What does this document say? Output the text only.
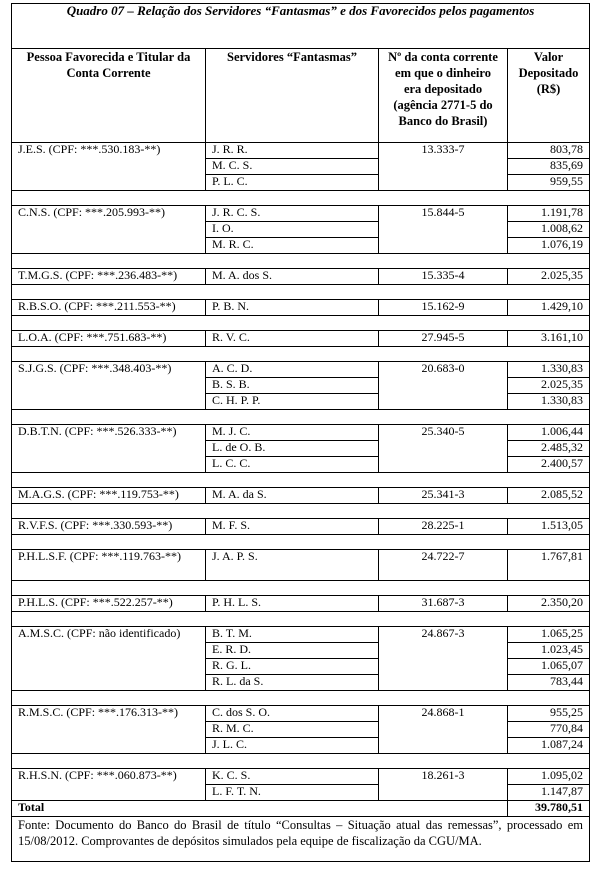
Quadro 07 – Relação dos Servidores “Fantasmas” e dos Favorecidos pelos pagamentos			
Pessoa Favorecida e Titular da Conta Corrente	Servidores “Fantasmas”	Nº da conta corrente em que o dinheiro era depositado (agência 2771-5 do Banco do Brasil)	Valor Depositado (R$)
J.E.S. (CPF: ***.530.183-**)	J. R. R.	13.333-7	803,78
	M. C. S.		835,69
	P. L. C.		959,55

C.N.S. (CPF: ***.205.993-**)	J. R. C. S.	15.844-5	1.191,78
	I. O.		1.008,62
	M. R. C.		1.076,19

T.M.G.S. (CPF: ***.236.483-**)	M. A. dos S.	15.335-4	2.025,35

R.B.S.O. (CPF: ***.211.553-**)	P. B. N.	15.162-9	1.429,10

L.O.A. (CPF: ***.751.683-**)	R. V. C.	27.945-5	3.161,10

S.J.G.S. (CPF: ***.348.403-**)	A. C. D.	20.683-0	1.330,83
	B. S. B.		2.025,35
	C. H. P. P.		1.330,83

D.B.T.N. (CPF: ***.526.333-**)	M. J. C.	25.340-5	1.006,44
	L. de O. B.		2.485,32
	L. C. C.		2.400,57

M.A.G.S. (CPF: ***.119.753-**)	M. A. da S.	25.341-3	2.085,52

R.V.F.S. (CPF: ***.330.593-**)	M. F. S.	28.225-1	1.513,05

P.H.L.S.F. (CPF: ***.119.763-**)	J. A. P. S.	24.722-7	1.767,81

P.H.L.S. (CPF: ***.522.257-**)	P. H. L. S.	31.687-3	2.350,20

A.M.S.C. (CPF: não identificado)	B. T. M.	24.867-3	1.065,25
	E. R. D.		1.023,45
	R. G. L.		1.065,07
	R. L. da S.		783,44

R.M.S.C. (CPF: ***.176.313-**)	C. dos S. O.	24.868-1	955,25
	R. M. C.		770,84
	J. L. C.		1.087,24

R.H.S.N. (CPF: ***.060.873-**)	K. C. S.	18.261-3	1.095,02
	L. F. T. N.		1.147,87
Total			39.780,51
Fonte: Documento do Banco do Brasil de título “Consultas – Situação atual das remessas”, processado em 15/08/2012. Comprovantes de depósitos simulados pela equipe de fiscalização da CGU/MA.			
